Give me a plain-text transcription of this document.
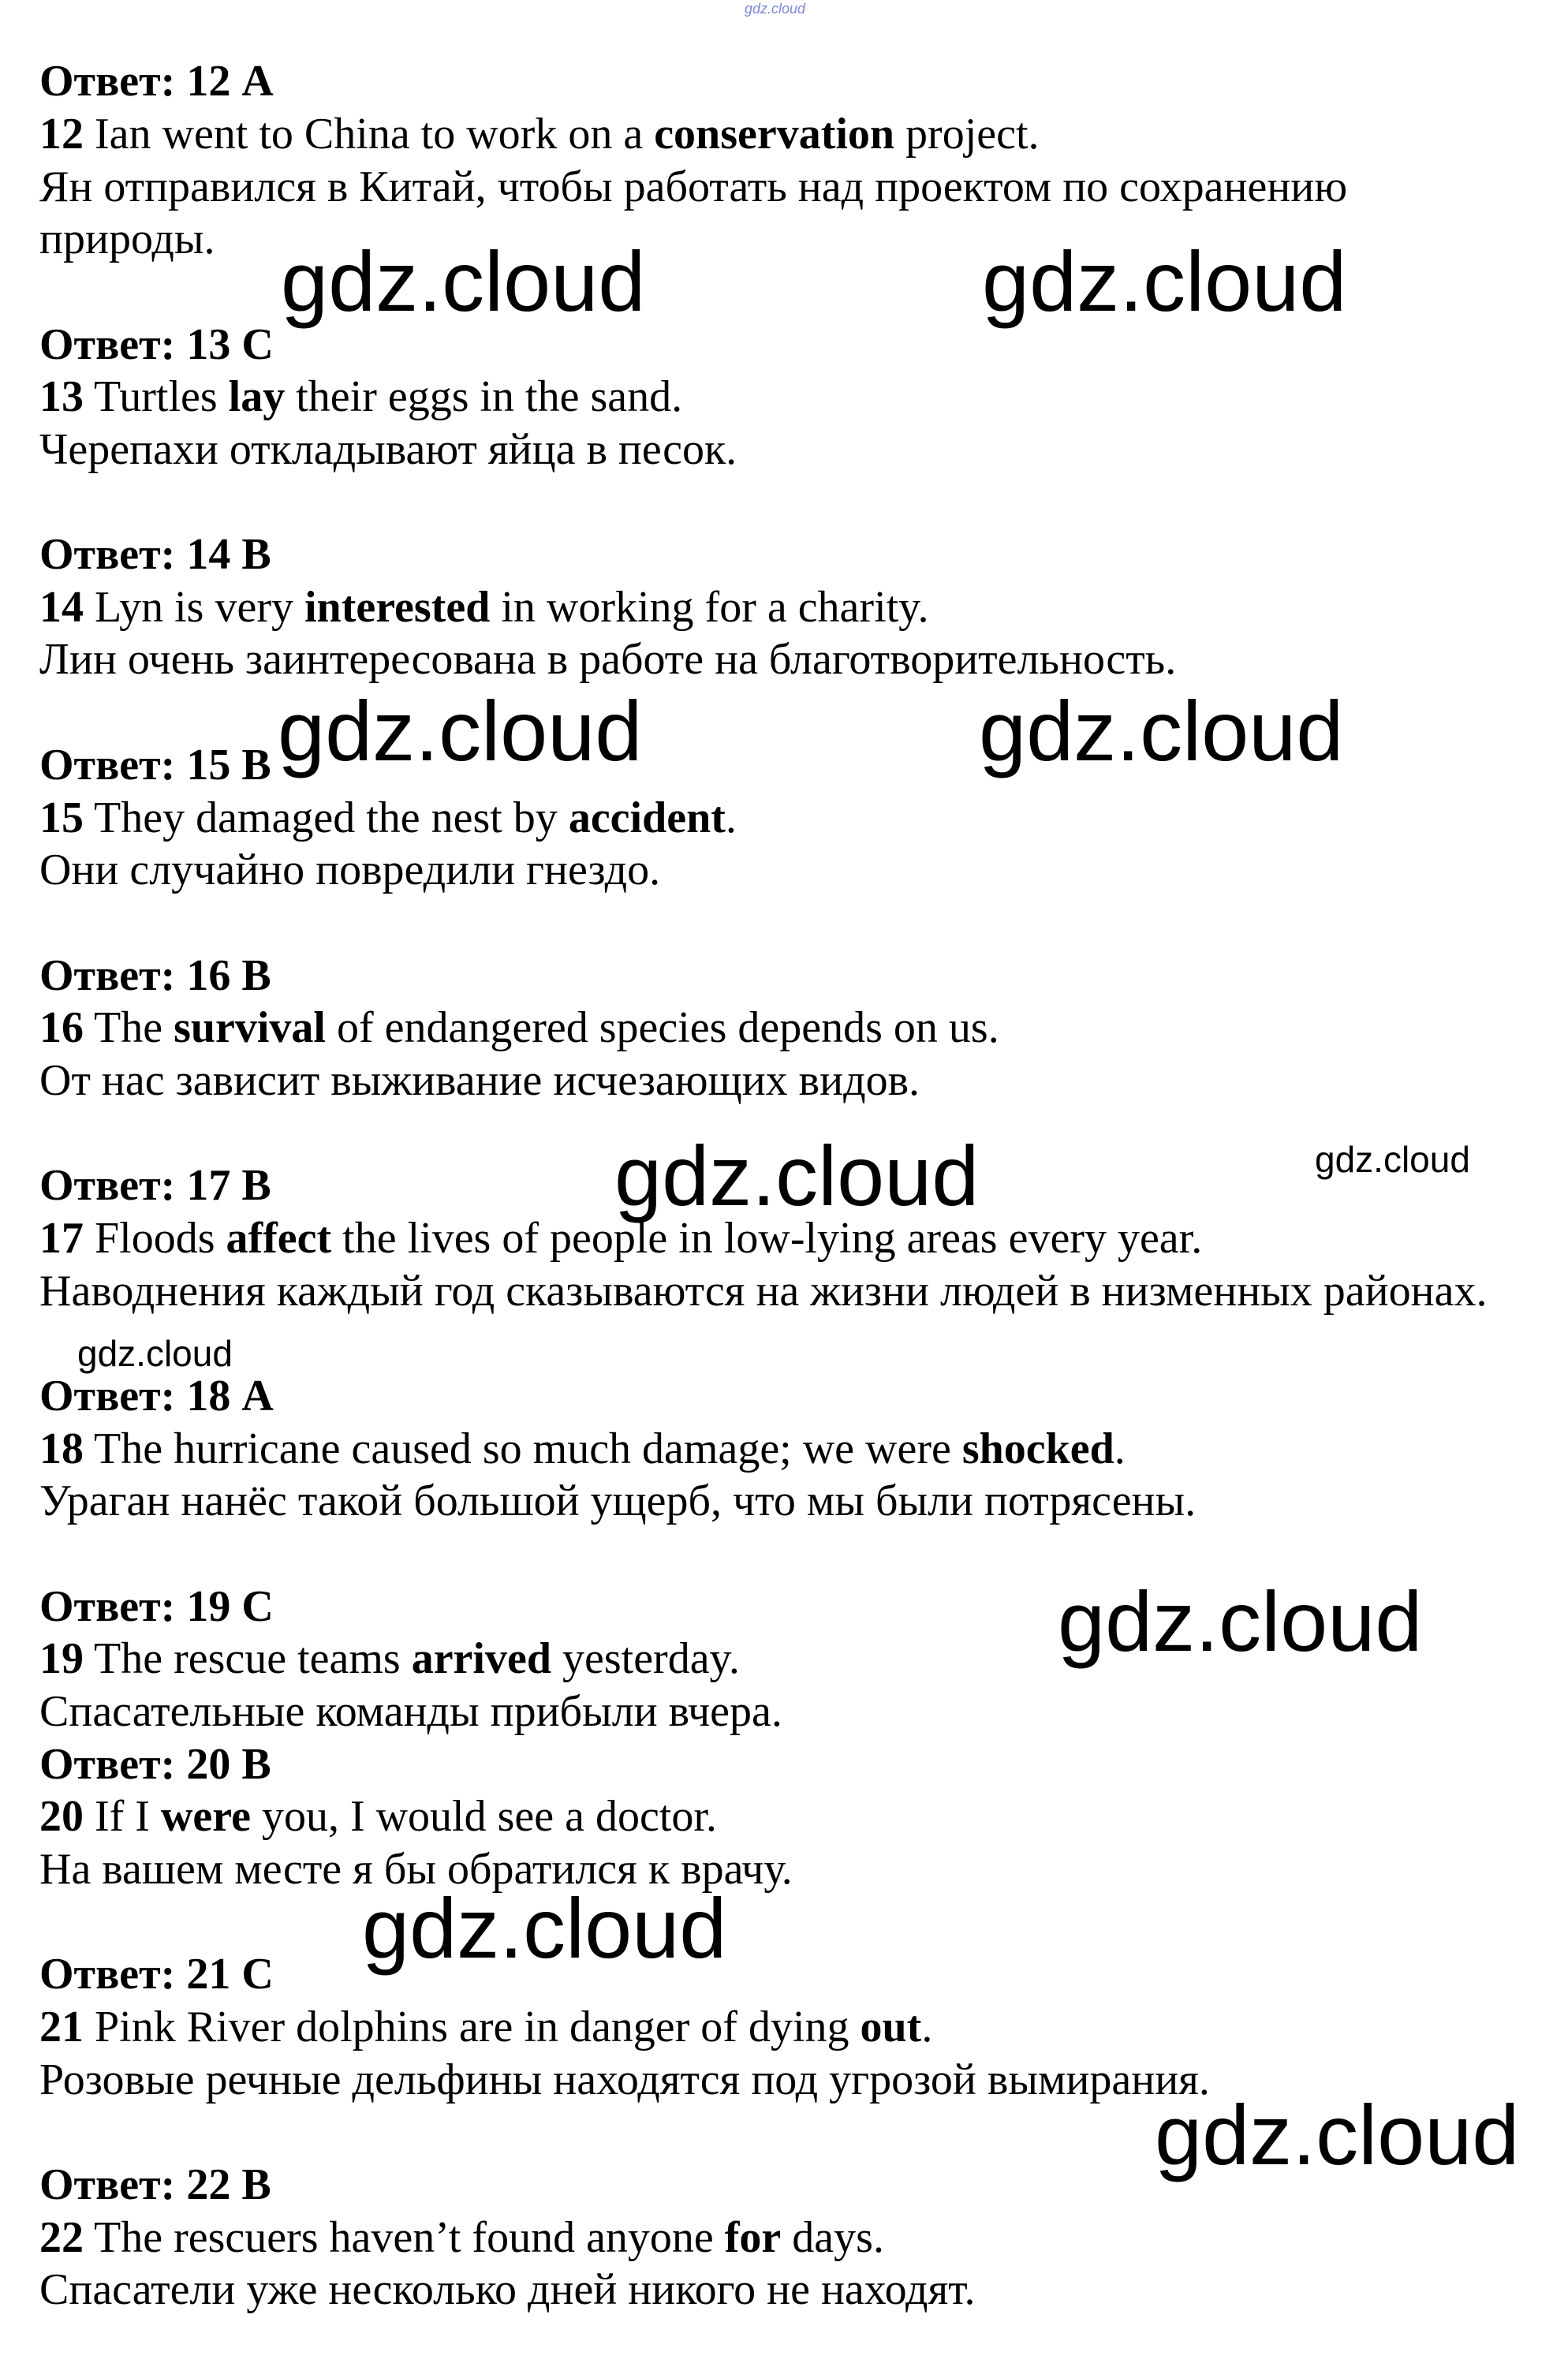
gdz.cloud

Ответ: 12 A

12 Ian went to China to work on a conservation project.

Ян отправился в Китай, чтобы работать над проектом по сохранению природы.

Ответ: 13 C

13 Turtles lay their eggs in the sand.

Черепахи откладывают яйца в песок.

Ответ: 14 B

14 Lyn is very interested in working for a charity.

Лин очень заинтересована в работе на благотворительность.

Ответ: 15 B

15 They damaged the nest by accident.

Они случайно повредили гнездо.

Ответ: 16 B

16 The survival of endangered species depends on us.

От нас зависит выживание исчезающих видов.

Ответ: 17 B

17 Floods affect the lives of people in low-lying areas every year.

Наводнения каждый год сказываются на жизни людей в низменных районах.

Ответ: 18 A

18 The hurricane caused so much damage; we were shocked.

Ураган нанёс такой большой ущерб, что мы были потрясены.

Ответ: 19 C

19 The rescue teams arrived yesterday.

Спасательные команды прибыли вчера.

Ответ: 20 B

20 If I were you, I would see a doctor.

На вашем месте я бы обратился к врачу.

Ответ: 21 C

21 Pink River dolphins are in danger of dying out.

Розовые речные дельфины находятся под угрозой вымирания.

Ответ: 22 B

22 The rescuers haven’t found anyone for days.

Спасатели уже несколько дней никого не находят.

gdz.cloud	gdz.cloud
gdz.cloud	gdz.cloud
gdz.cloud	gdz.cloud
gdz.cloud
gdz.cloud
gdz.cloud
gdz.cloud
